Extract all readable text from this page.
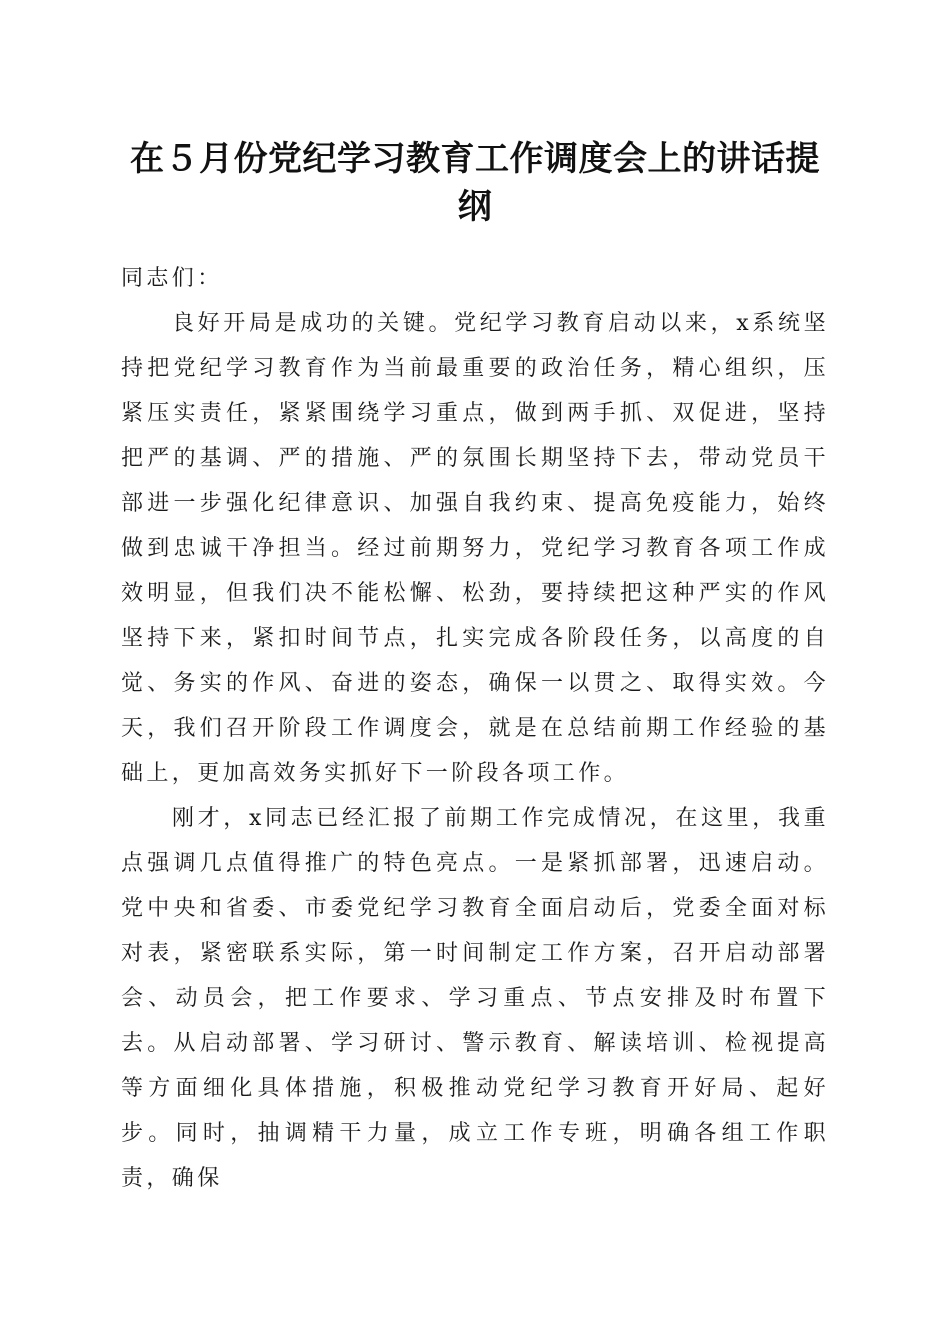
在５月份党纪学习教育工作调度会上的讲话提纲

同志们：

良好开局是成功的关键。党纪学习教育启动以来，x系统坚持把党纪学习教育作为当前最重要的政治任务，精心组织，压紧压实责任，紧紧围绕学习重点，做到两手抓、双促进，坚持把严的基调、严的措施、严的氛围长期坚持下去，带动党员干部进一步强化纪律意识、加强自我约束、提高免疫能力，始终做到忠诚干净担当。经过前期努力，党纪学习教育各项工作成效明显，但我们决不能松懈、松劲，要持续把这种严实的作风坚持下来，紧扣时间节点，扎实完成各阶段任务，以高度的自觉、务实的作风、奋进的姿态，确保一以贯之、取得实效。今天，我们召开阶段工作调度会，就是在总结前期工作经验的基础上，更加高效务实抓好下一阶段各项工作。

刚才，x同志已经汇报了前期工作完成情况，在这里，我重点强调几点值得推广的特色亮点。一是紧抓部署，迅速启动。党中央和省委、市委党纪学习教育全面启动后，党委全面对标对表，紧密联系实际，第一时间制定工作方案，召开启动部署会、动员会，把工作要求、学习重点、节点安排及时布置下去。从启动部署、学习研讨、警示教育、解读培训、检视提高等方面细化具体措施，积极推动党纪学习教育开好局、起好步。同时，抽调精干力量，成立工作专班，明确各组工作职责，确保
